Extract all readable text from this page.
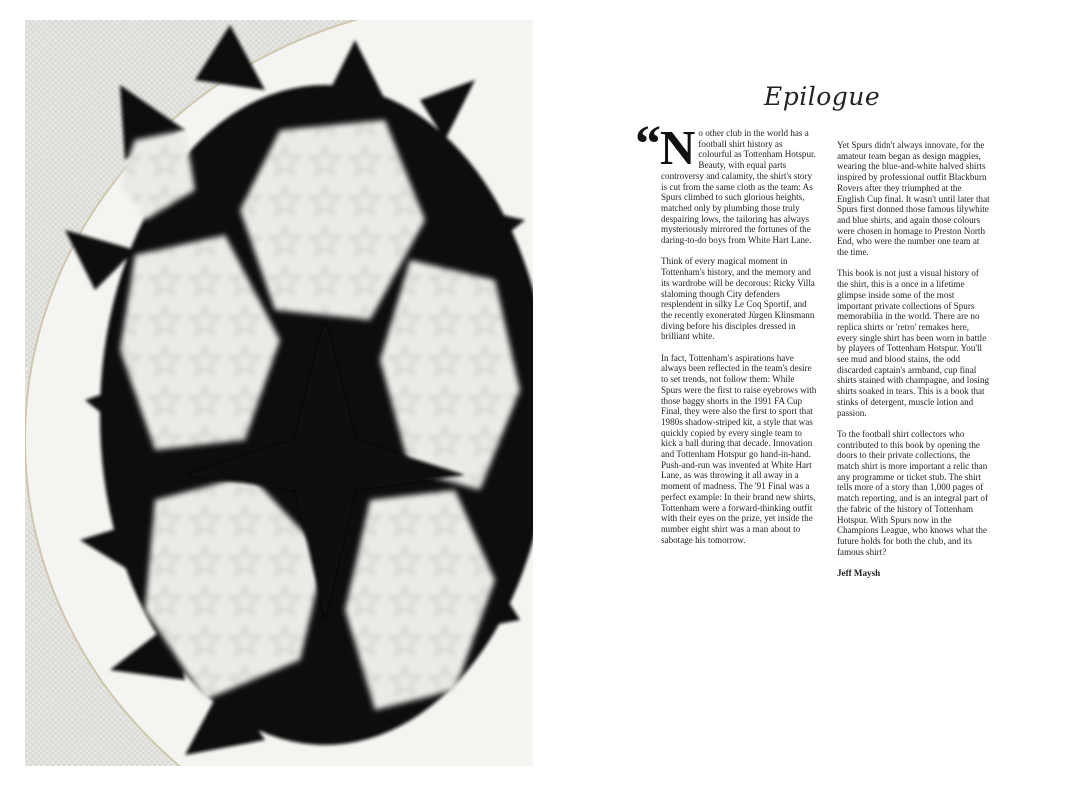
Epilogue
“ N o other club in the world has a football shirt history as colourful as Tottenham Hotspur. Beauty, with equal parts controversy and calamity, the shirt's story is cut from the same cloth as the team: As Spurs climbed to such glorious heights, matched only by plumbing those truly despairing lows, the tailoring has always mysteriously mirrored the fortunes of the daring-to-do boys from White Hart Lane.

Think of every magical moment in Tottenham's history, and the memory and its wardrobe will be decorous: Ricky Villa slaloming though City defenders resplendent in silky Le Coq Sportif, and the recently exonerated Jürgen Klinsmann diving before his disciples dressed in brilliant white.

In fact, Tottenham's aspirations have always been reflected in the team's desire to set trends, not follow them: While Spurs were the first to raise eyebrows with those baggy shorts in the 1991 FA Cup Final, they were also the first to sport that 1980s shadow-striped kit, a style that was quickly copied by every single team to kick a ball during that decade. Innovation and Tottenham Hotspur go hand-in-hand. Push-and-run was invented at White Hart Lane, as was throwing it all away in a moment of madness. The '91 Final was a perfect example: In their brand new shirts, Tottenham were a forward-thinking outfit with their eyes on the prize, yet inside the number eight shirt was a man about to sabotage his tomorrow.

Yet Spurs didn't always innovate, for the amateur team began as design magpies, wearing the blue-and-white halved shirts inspired by professional outfit Blackburn Rovers after they triumphed at the English Cup final. It wasn't until later that Spurs first donned those famous lilywhite and blue shirts, and again those colours were chosen in homage to Preston North End, who were the number one team at the time.

This book is not just a visual history of the shirt, this is a once in a lifetime glimpse inside some of the most important private collections of Spurs memorabilia in the world. There are no replica shirts or 'retro' remakes here, every single shirt has been worn in battle by players of Tottenham Hotspur. You'll see mud and blood stains, the odd discarded captain's armband, cup final shirts stained with champagne, and losing shirts soaked in tears. This is a book that stinks of detergent, muscle lotion and passion.

To the football shirt collectors who contributed to this book by opening the doors to their private collections, the match shirt is more important a relic than any programme or ticket stub. The shirt tells more of a story than 1,000 pages of match reporting, and is an integral part of the fabric of the history of Tottenham Hotspur. With Spurs now in the Champions League, who knows what the future holds for both the club, and its famous shirt?

Jeff Maysh
